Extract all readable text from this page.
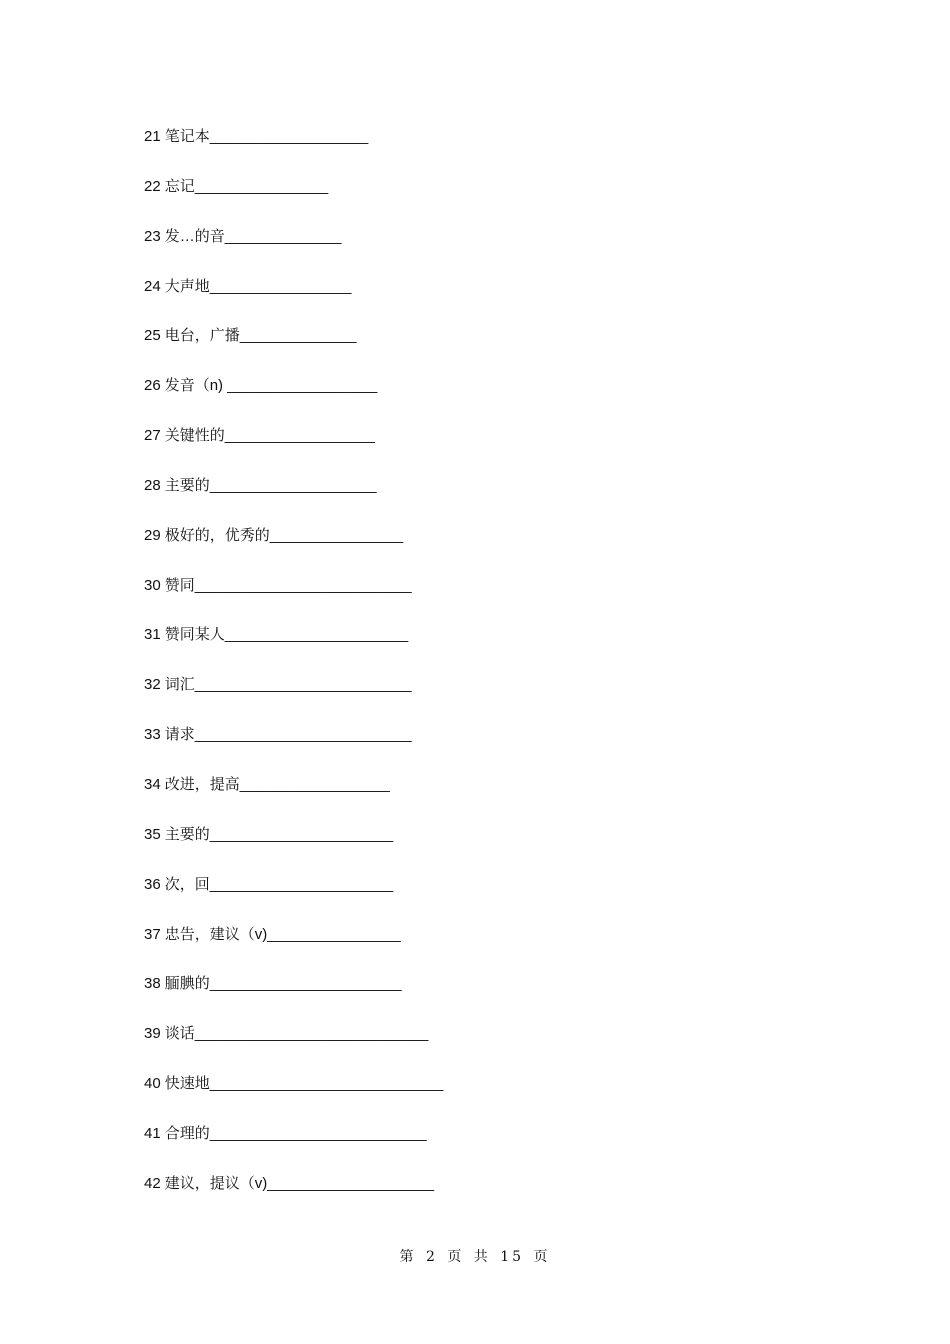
21 笔记本___________________
22 忘记________________
23 发…的音______________
24 大声地_________________
25 电台，广播______________
26 发音（n) __________________
27 关键性的__________________
28 主要的____________________
29 极好的，优秀的________________
30 赞同__________________________
31 赞同某人______________________
32 词汇__________________________
33 请求__________________________
34 改进，提高__________________
35 主要的______________________
36 次，回______________________
37 忠告，建议（v)________________
38 腼腆的_______________________
39 谈话____________________________
40 快速地____________________________
41 合理的__________________________
42 建议，提议（v)____________________
第 2 页 共 15 页
